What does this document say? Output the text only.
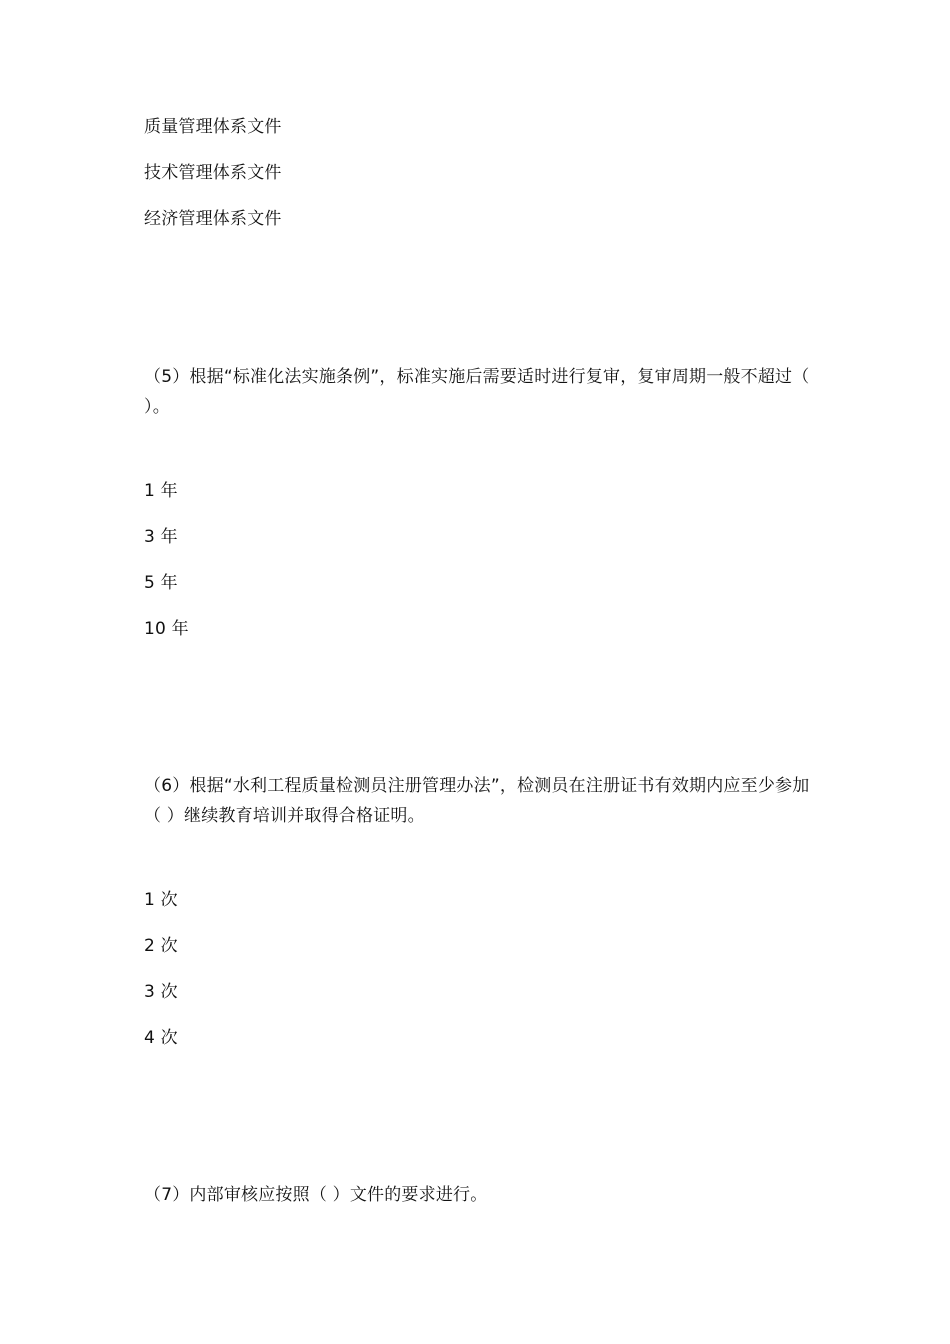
质量管理体系文件
技术管理体系文件
经济管理体系文件
（5）根据“标准化法实施条例”，标准实施后需要适时进行复审，复审周期一般不超过（ ）。
1 年
3 年
5 年
10 年
（6）根据“水利工程质量检测员注册管理办法”，检测员在注册证书有效期内应至少参加（ ）继续教育培训并取得合格证明。
1 次
2 次
3 次
4 次
（7）内部审核应按照（ ）文件的要求进行。
